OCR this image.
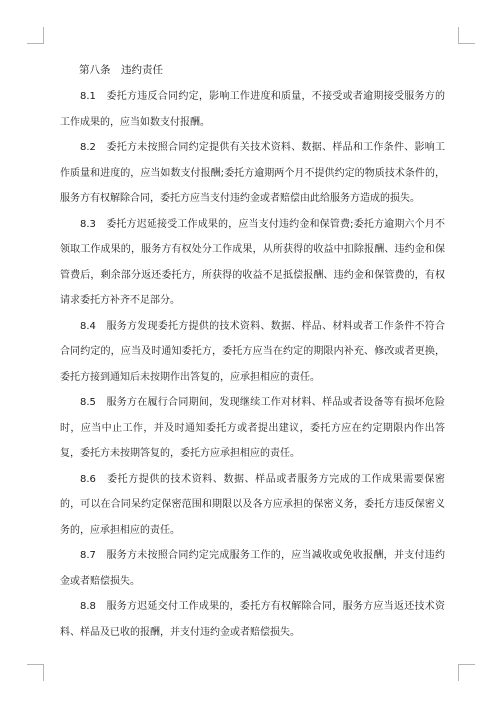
第八条　违约责任

8.1　 委托方违反合同约定，影响工作进度和质量，不接受或者逾期接受服务方的工作成果的，应当如数支付报酬。

8.2　 委托方未按照合同约定提供有关技术资料、数据、样品和工作条件、影响工作质量和进度的，应当如数支付报酬;委托方逾期两个月不提供约定的物质技术条件的，服务方有权解除合同，委托方应当支付违约金或者赔偿由此给服务方造成的损失。

8.3　 委托方迟延接受工作成果的，应当支付违约金和保管费;委托方逾期六个月不领取工作成果的，服务方有权处分工作成果，从所获得的收益中扣除报酬、违约金和保管费后，剩余部分返还委托方，所获得的收益不足抵偿报酬、违约金和保管费的，有权请求委托方补齐不足部分。

8.4　 服务方发现委托方提供的技术资料、数据、样品、材料或者工作条件不符合合同约定的，应当及时通知委托方，委托方应当在约定的期限内补充、修改或者更换，委托方接到通知后未按期作出答复的，应承担相应的责任。

8.5　 服务方在履行合同期间，发现继续工作对材料、样品或者设备等有损坏危险时，应当中止工作，并及时通知委托方或者提出建议，委托方应在约定期限内作出答复，委托方未按期答复的，委托方应承担相应的责任。

8.6　 委托方提供的技术资料、数据、样品或者服务方完成的工作成果需要保密的，可以在合同呆约定保密范围和期限以及各方应承担的保密义务，委托方违反保密义务的，应承担相应的责任。

8.7　 服务方未按照合同约定完成服务工作的，应当减收或免收报酬，并支付违约金或者赔偿损失。

8.8　 服务方迟延交付工作成果的，委托方有权解除合同，服务方应当返还技术资料、样品及已收的报酬，并支付违约金或者赔偿损失。
